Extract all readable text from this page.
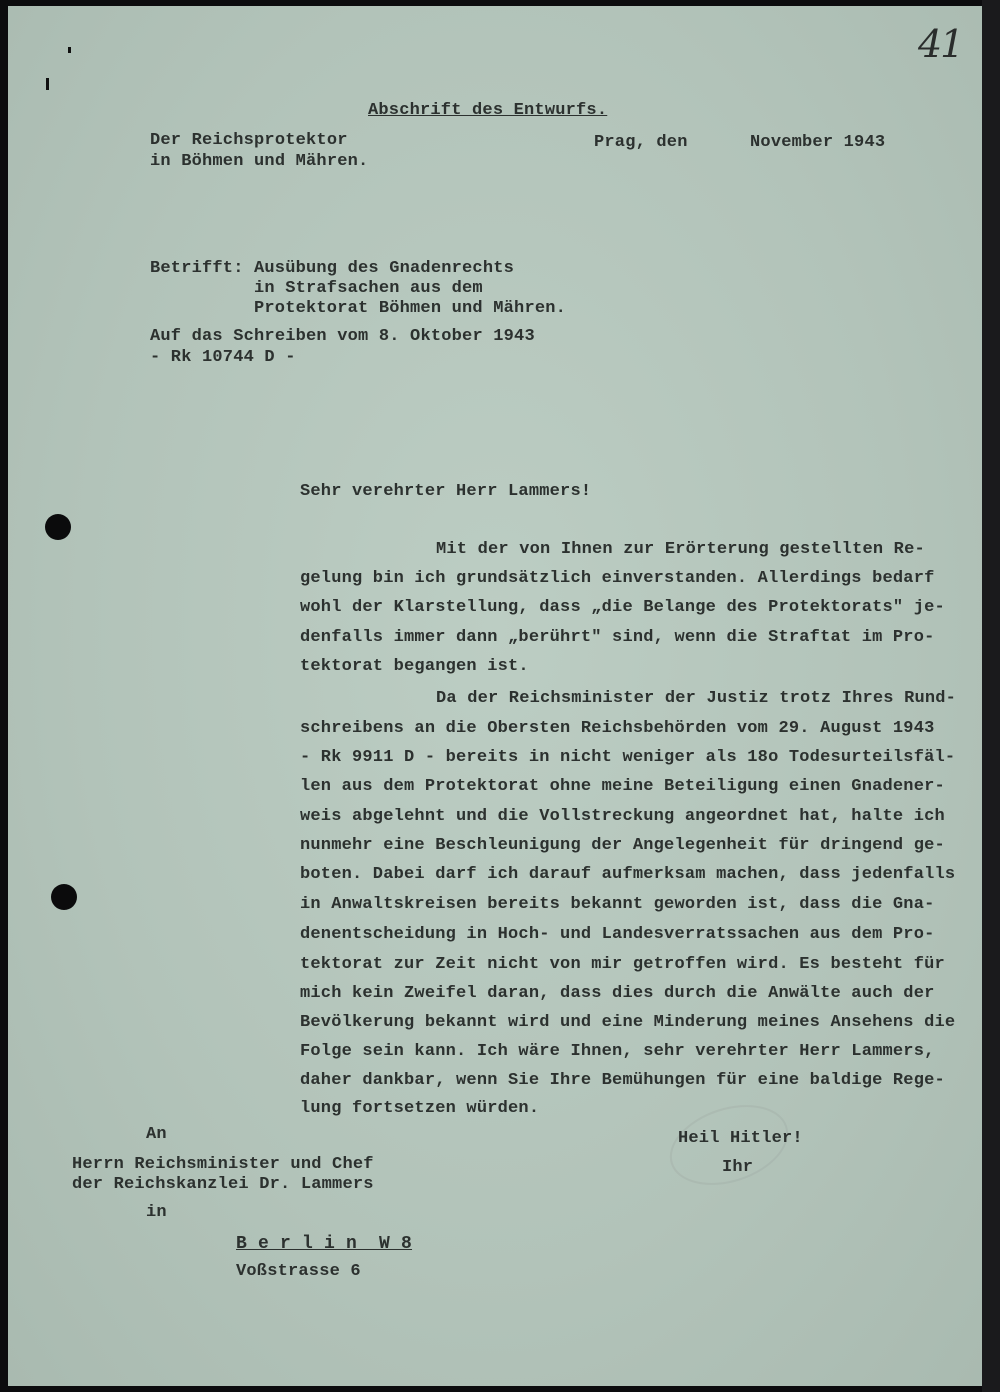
41
Abschrift des Entwurfs.
Der Reichsprotektor
in Böhmen und Mähren.
Prag, den      November 1943
Betrifft: Ausübung des Gnadenrechts
in Strafsachen aus dem
Protektorat Böhmen und Mähren.
Auf das Schreiben vom 8. Oktober 1943
- Rk 10744 D -
Sehr verehrter Herr Lammers!
Mit der von Ihnen zur Erörterung gestellten Re-
gelung bin ich grundsätzlich einverstanden. Allerdings bedarf
wohl der Klarstellung, dass „die Belange des Protektorats" je-
denfalls immer dann „berührt" sind, wenn die Straftat im Pro-
tektorat begangen ist.
Da der Reichsminister der Justiz trotz Ihres Rund-
schreibens an die Obersten Reichsbehörden vom 29. August 1943
- Rk 9911 D - bereits in nicht weniger als 18o Todesurteilsfäl-
len aus dem Protektorat ohne meine Beteiligung einen Gnadener-
weis abgelehnt und die Vollstreckung angeordnet hat, halte ich
nunmehr eine Beschleunigung der Angelegenheit für dringend ge-
boten. Dabei darf ich darauf aufmerksam machen, dass jedenfalls
in Anwaltskreisen bereits bekannt geworden ist, dass die Gna-
denentscheidung in Hoch- und Landesverratssachen aus dem Pro-
tektorat zur Zeit nicht von mir getroffen wird. Es besteht für
mich kein Zweifel daran, dass dies durch die Anwälte auch der
Bevölkerung bekannt wird und eine Minderung meines Ansehens die
Folge sein kann. Ich wäre Ihnen, sehr verehrter Herr Lammers,
daher dankbar, wenn Sie Ihre Bemühungen für eine baldige Rege-
lung fortsetzen würden.
Heil Hitler!
Ihr
An
Herrn Reichsminister und Chef
der Reichskanzlei Dr. Lammers
in
B e r l i n  W 8
Voßstrasse 6
